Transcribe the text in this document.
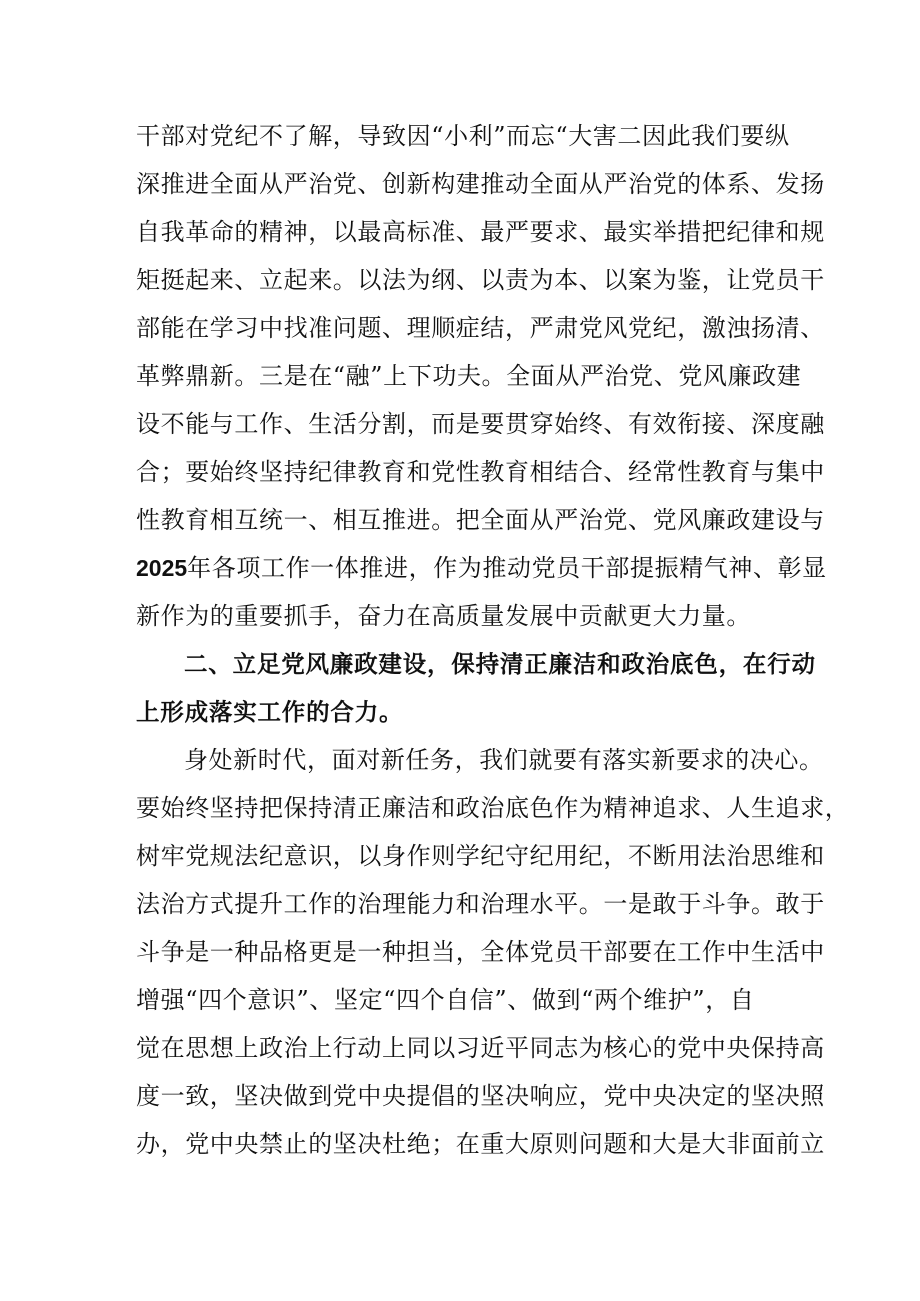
干部对党纪不了解，导致因“小利”而忘“大害二因此我们要纵
深推进全面从严治党、创新构建推动全面从严治党的体系、发扬
自我革命的精神，以最高标准、最严要求、最实举措把纪律和规
矩挺起来、立起来。以法为纲、以责为本、以案为鉴，让党员干
部能在学习中找准问题、理顺症结，严肃党风党纪，激浊扬清、
革弊鼎新。三是在“融”上下功夫。全面从严治党、党风廉政建
设不能与工作、生活分割，而是要贯穿始终、有效衔接、深度融
合；要始终坚持纪律教育和党性教育相结合、经常性教育与集中
性教育相互统一、相互推进。把全面从严治党、党风廉政建设与
2025年各项工作一体推进，作为推动党员干部提振精气神、彰显
新作为的重要抓手，奋力在高质量发展中贡献更大力量。
二、立足党风廉政建设，保持清正廉洁和政治底色，在行动
上形成落实工作的合力。
身处新时代，面对新任务，我们就要有落实新要求的决心。
要始终坚持把保持清正廉洁和政治底色作为精神追求、人生追求，
树牢党规法纪意识，以身作则学纪守纪用纪，不断用法治思维和
法治方式提升工作的治理能力和治理水平。一是敢于斗争。敢于
斗争是一种品格更是一种担当，全体党员干部要在工作中生活中
增强“四个意识”、坚定“四个自信”、做到“两个维护”，自
觉在思想上政治上行动上同以习近平同志为核心的党中央保持高
度一致，坚决做到党中央提倡的坚决响应，党中央决定的坚决照
办，党中央禁止的坚决杜绝；在重大原则问题和大是大非面前立
